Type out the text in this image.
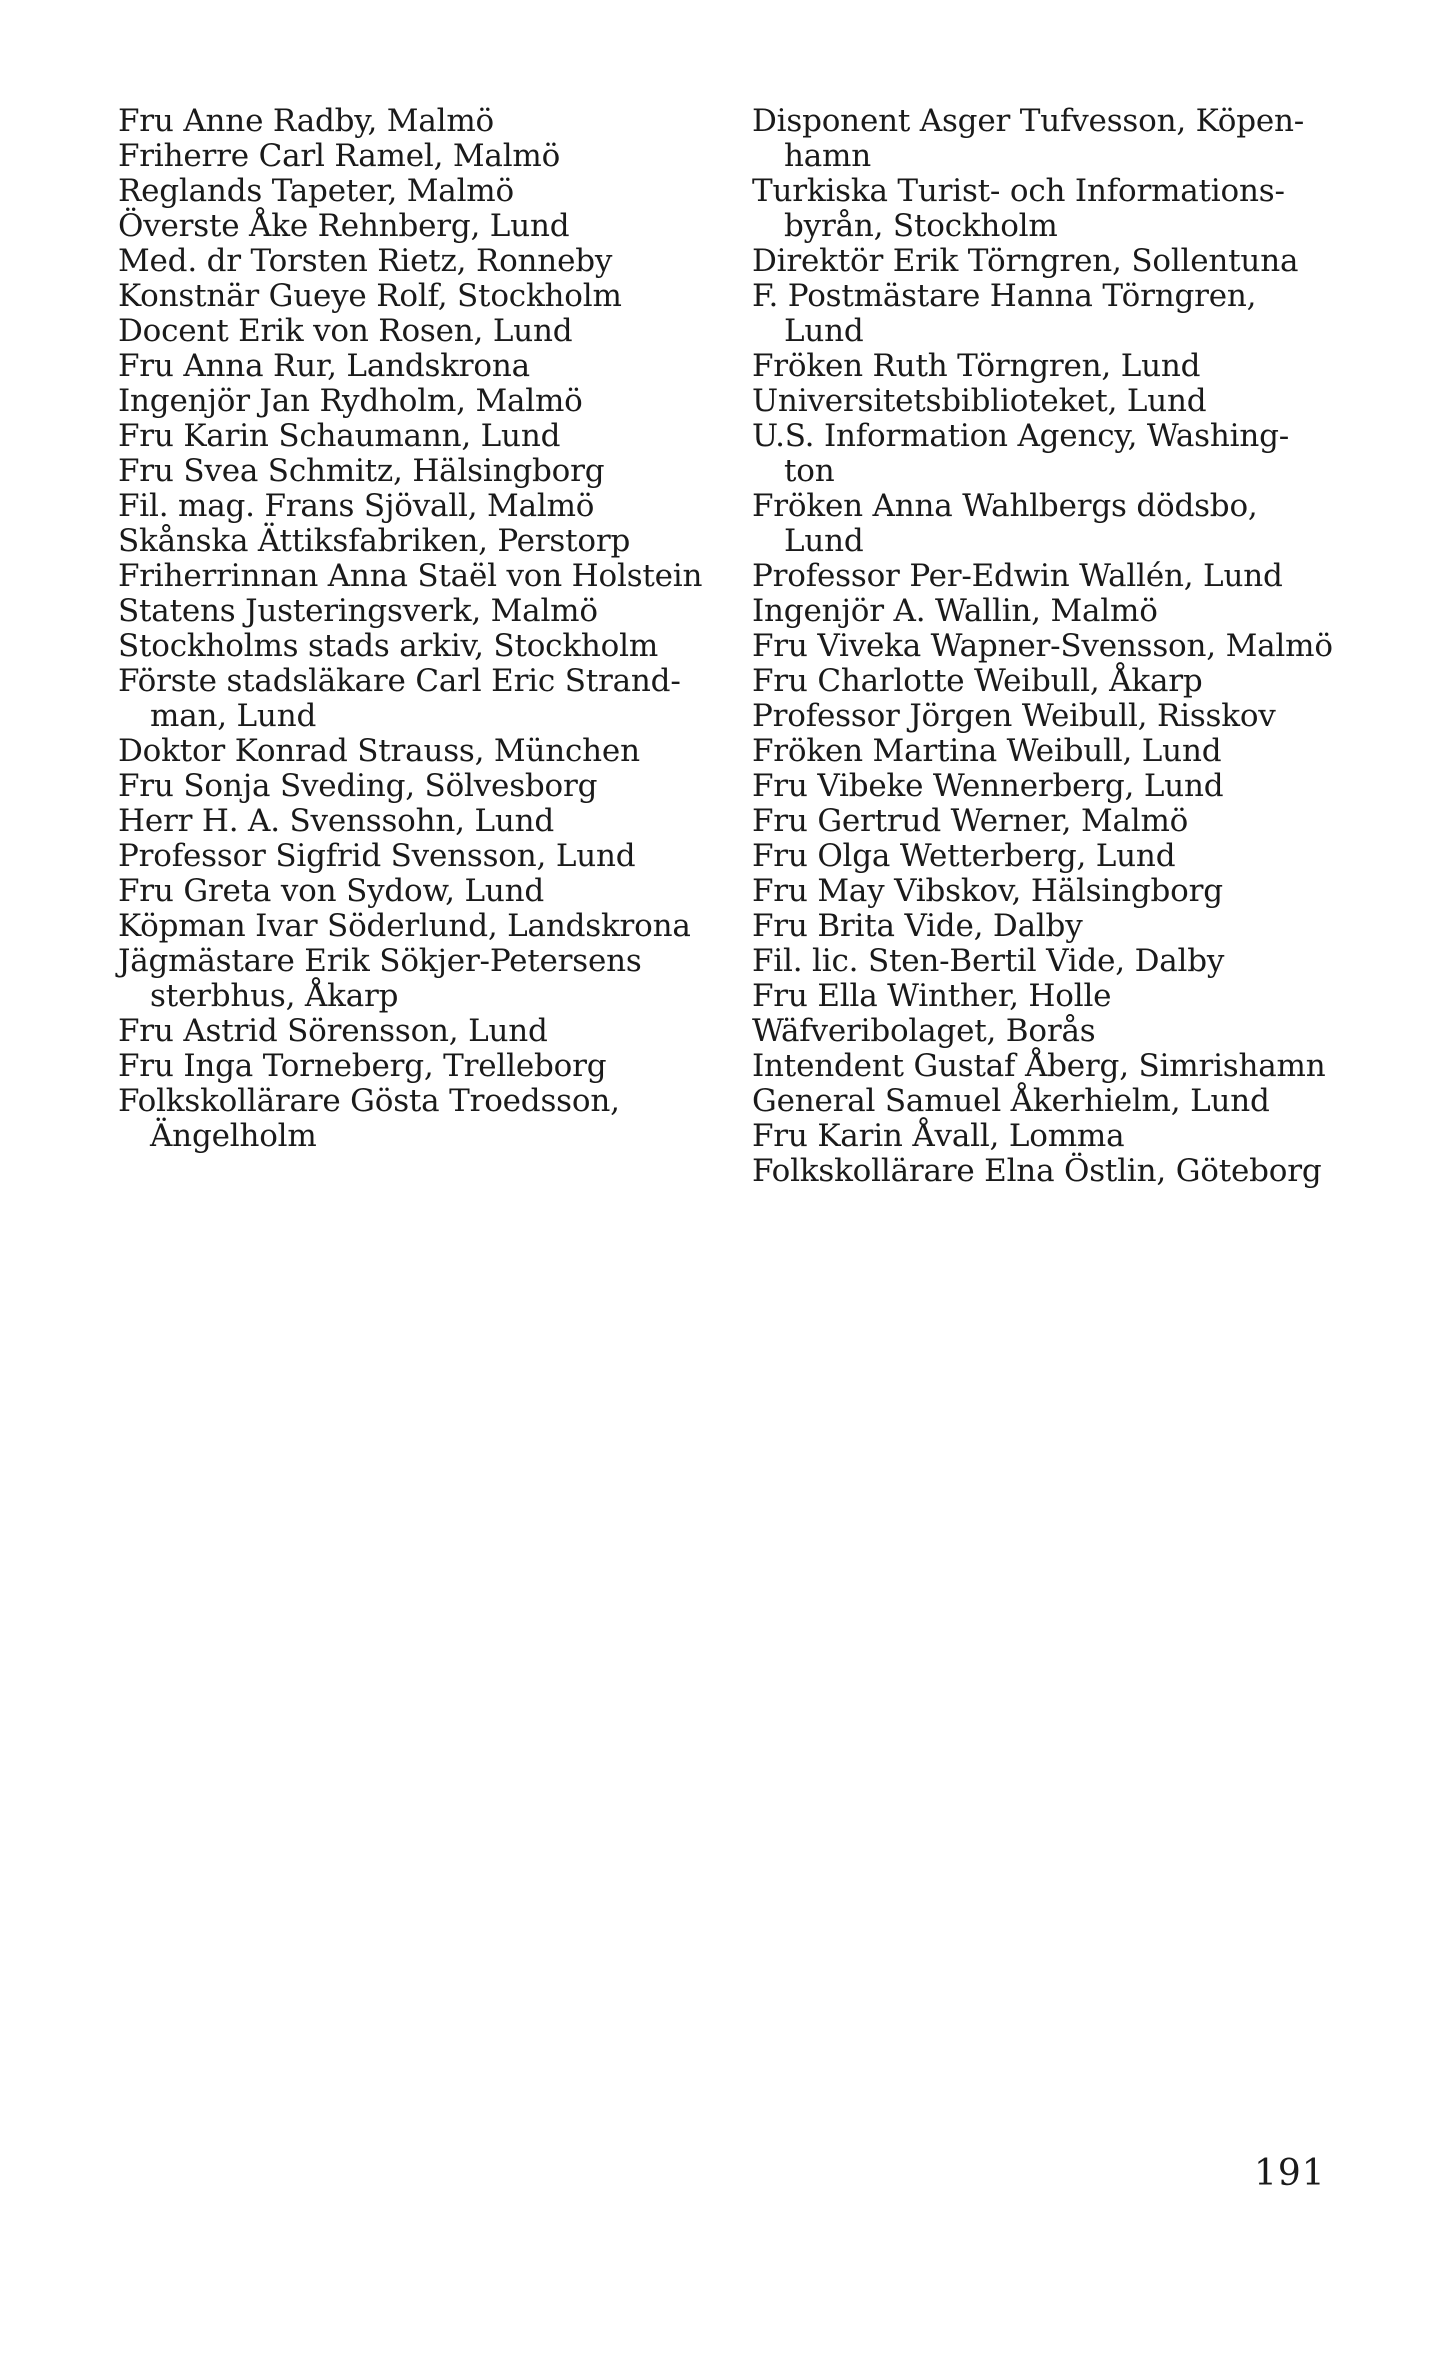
Fru Anne Radby, Malmö
Friherre Carl Ramel, Malmö
Reglands Tapeter, Malmö
Överste Åke Rehnberg, Lund
Med. dr Torsten Rietz, Ronneby
Konstnär Gueye Rolf, Stockholm
Docent Erik von Rosen, Lund
Fru Anna Rur, Landskrona
Ingenjör Jan Rydholm, Malmö
Fru Karin Schaumann, Lund
Fru Svea Schmitz, Hälsingborg
Fil. mag. Frans Sjövall, Malmö
Skånska Ättiksfabriken, Perstorp
Friherrinnan Anna Staël von Holstein
Statens Justeringsverk, Malmö
Stockholms stads arkiv, Stockholm
Förste stadsläkare Carl Eric Strand-
man, Lund
Doktor Konrad Strauss, München
Fru Sonja Sveding, Sölvesborg
Herr H. A. Svenssohn, Lund
Professor Sigfrid Svensson, Lund
Fru Greta von Sydow, Lund
Köpman Ivar Söderlund, Landskrona
Jägmästare Erik Sökjer-Petersens
sterbhus, Åkarp
Fru Astrid Sörensson, Lund
Fru Inga Torneberg, Trelleborg
Folkskollärare Gösta Troedsson,
Ängelholm
Disponent Asger Tufvesson, Köpen-
hamn
Turkiska Turist- och Informations-
byrån, Stockholm
Direktör Erik Törngren, Sollentuna
F. Postmästare Hanna Törngren,
Lund
Fröken Ruth Törngren, Lund
Universitetsbiblioteket, Lund
U.S. Information Agency, Washing-
ton
Fröken Anna Wahlbergs dödsbo,
Lund
Professor Per-Edwin Wallén, Lund
Ingenjör A. Wallin, Malmö
Fru Viveka Wapner-Svensson, Malmö
Fru Charlotte Weibull, Åkarp
Professor Jörgen Weibull, Risskov
Fröken Martina Weibull, Lund
Fru Vibeke Wennerberg, Lund
Fru Gertrud Werner, Malmö
Fru Olga Wetterberg, Lund
Fru May Vibskov, Hälsingborg
Fru Brita Vide, Dalby
Fil. lic. Sten-Bertil Vide, Dalby
Fru Ella Winther, Holle
Wäfveribolaget, Borås
Intendent Gustaf Åberg, Simrishamn
General Samuel Åkerhielm, Lund
Fru Karin Åvall, Lomma
Folkskollärare Elna Östlin, Göteborg
191
